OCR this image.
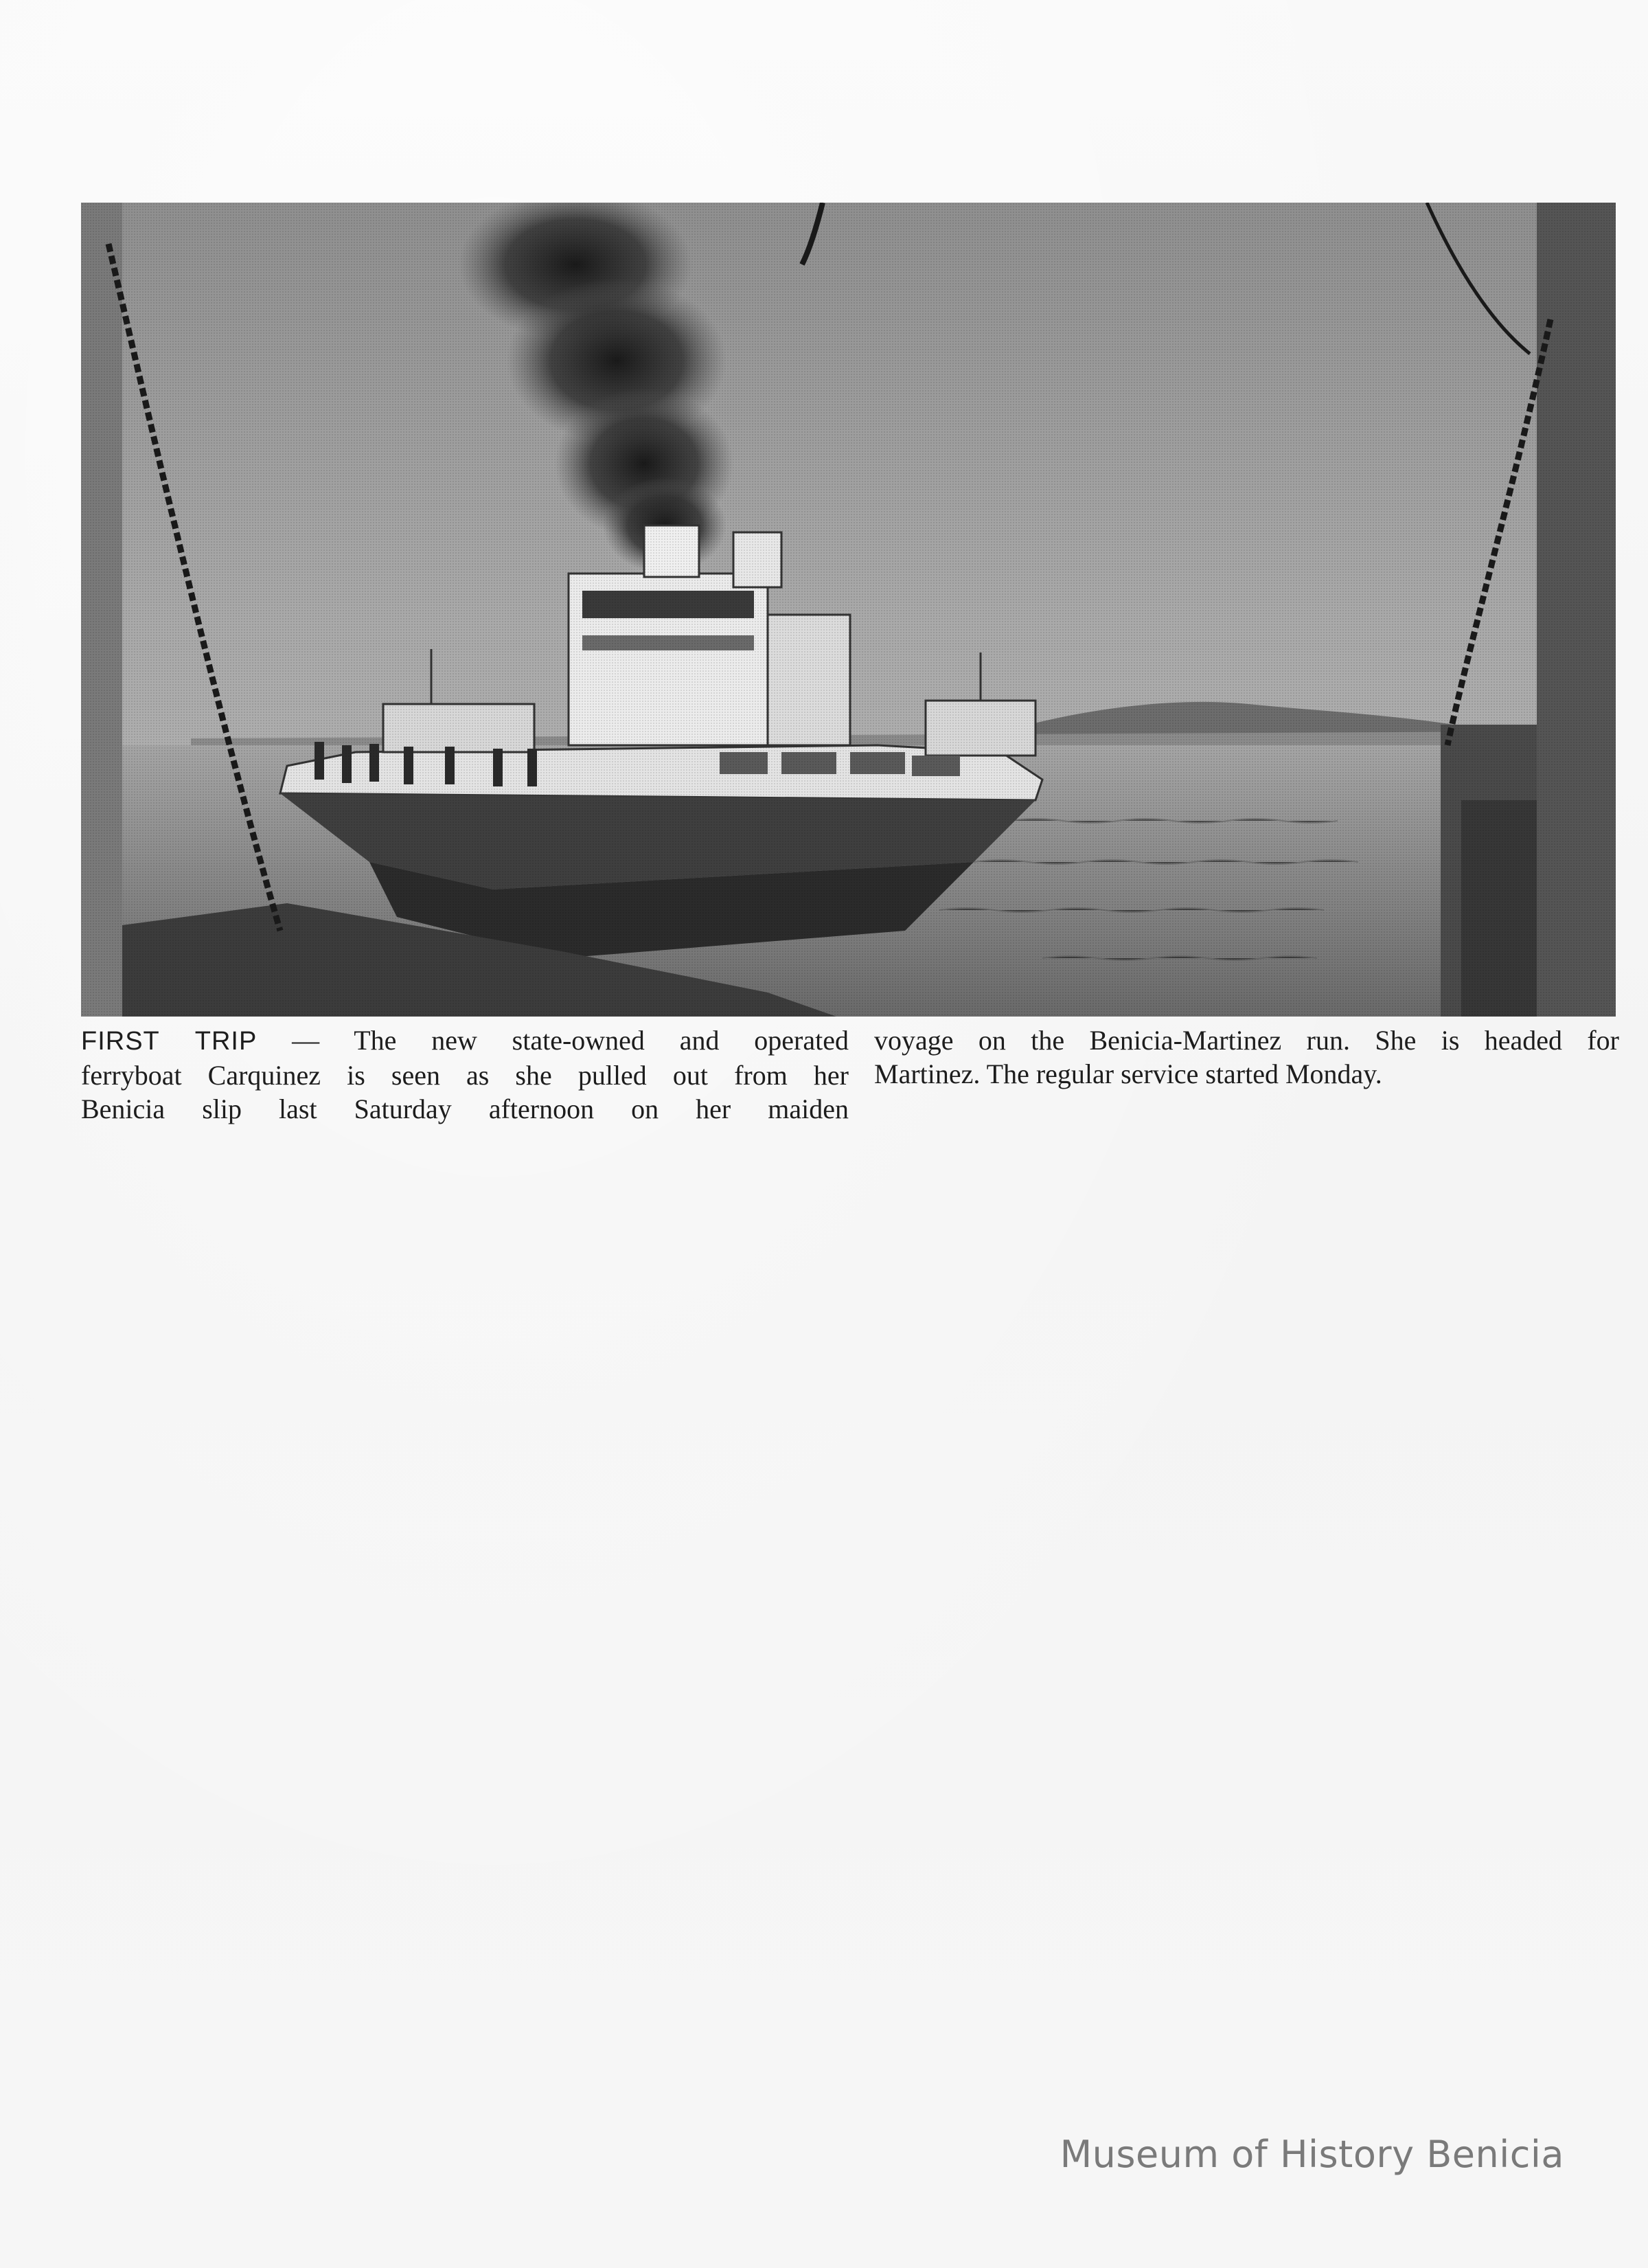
FIRST TRIP — The new state-owned and operated
ferryboat Carquinez is seen as she pulled out from her
Benicia slip last Saturday afternoon on her maiden
voyage on the Benicia-Martinez run. She is headed for
Martinez. The regular service started Monday.
Museum of History Benicia
